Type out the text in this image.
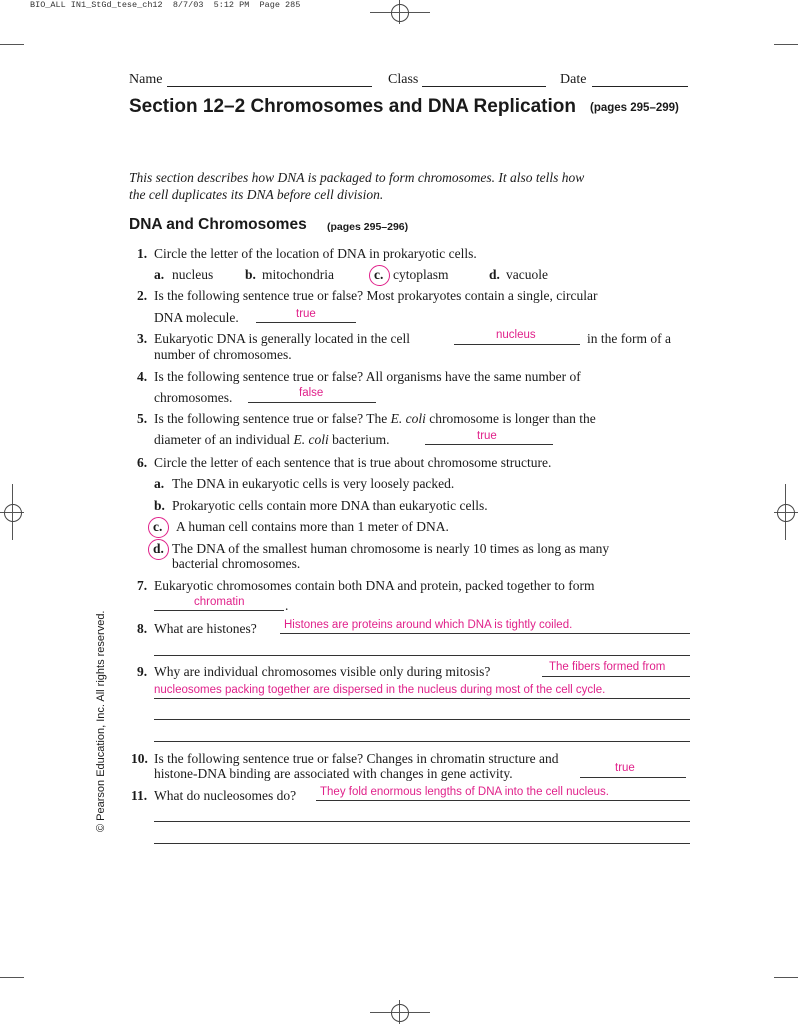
BIO_ALL IN1_StGd_tese_ch12  8/7/03  5:12 PM  Page 285
Name	Class	Date
Section 12–2 Chromosomes and DNA Replication (pages 295–299)
This section describes how DNA is packaged to form chromosomes. It also tells how the cell duplicates its DNA before cell division.
DNA and Chromosomes (pages 295–296)
1. Circle the letter of the location of DNA in prokaryotic cells.
a. nucleus b. mitochondria	c. cytoplasm	d. vacuole
2. Is the following sentence true or false? Most prokaryotes contain a single, circular
DNA molecule.	true
3. Eukaryotic DNA is generally located in the cell	nucleus	in the form of a
number of chromosomes.
4. Is the following sentence true or false? All organisms have the same number of
chromosomes.	false
5. Is the following sentence true or false? The E. coli chromosome is longer than the
diameter of an individual E. coli bacterium.	true
6. Circle the letter of each sentence that is true about chromosome structure.
a. The DNA in eukaryotic cells is very loosely packed.
b. Prokaryotic cells contain more DNA than eukaryotic cells.
c. A human cell contains more than 1 meter of DNA.
d. The DNA of the smallest human chromosome is nearly 10 times as long as many
bacterial chromosomes.
7. Eukaryotic chromosomes contain both DNA and protein, packed together to form
chromatin	.
8. What are histones? Histones are proteins around which DNA is tightly coiled.
9. Why are individual chromosomes visible only during mitosis?	The fibers formed from
nucleosomes packing together are dispersed in the nucleus during most of the cell cycle.
10. Is the following sentence true or false? Changes in chromatin structure and
histone-DNA binding are associated with changes in gene activity.	true
11. What do nucleosomes do? They fold enormous lengths of DNA into the cell nucleus.
© Pearson Education, Inc. All rights reserved.
